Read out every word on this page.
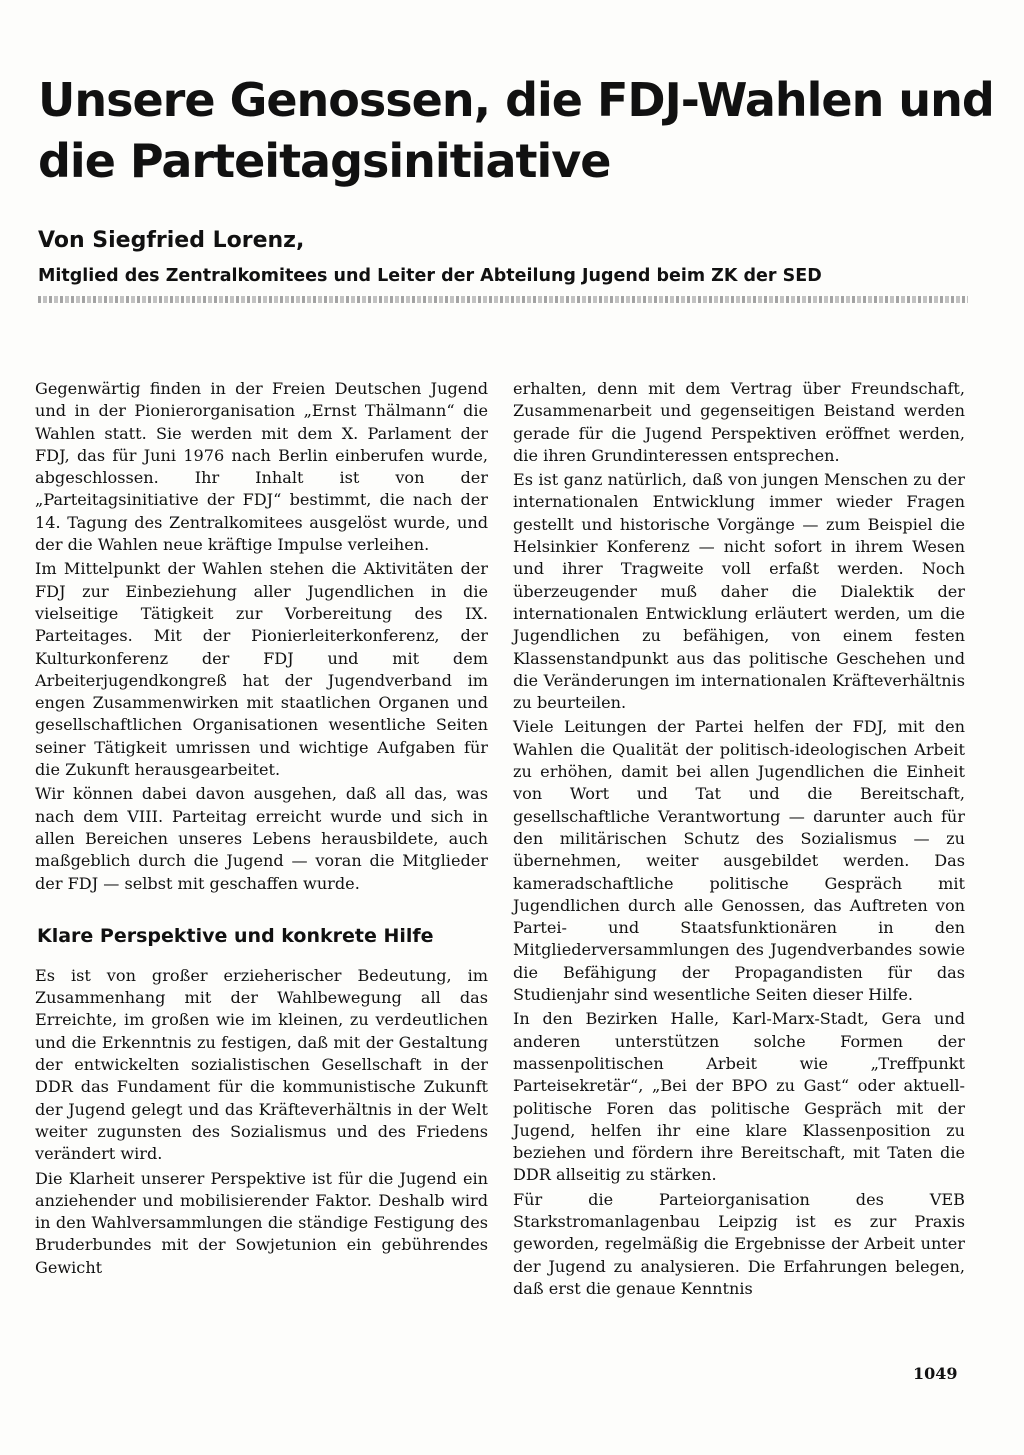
Unsere Genossen, die FDJ-Wahlen und die Parteitagsinitiative
Von Siegfried Lorenz,
Mitglied des Zentralkomitees und Leiter der Abteilung Jugend beim ZK der SED

Gegenwärtig finden in der Freien Deutschen Jugend und in der Pionierorganisation „Ernst Thälmann“ die Wahlen statt. Sie werden mit dem X. Parlament der FDJ, das für Juni 1976 nach Berlin einberufen wurde, abgeschlossen. Ihr Inhalt ist von der „Parteitagsinitiative der FDJ“ bestimmt, die nach der 14. Tagung des Zentralkomitees ausgelöst wurde, und der die Wahlen neue kräftige Impulse verleihen.

Im Mittelpunkt der Wahlen stehen die Aktivitäten der FDJ zur Einbeziehung aller Jugendlichen in die vielseitige Tätigkeit zur Vorbereitung des IX. Parteitages. Mit der Pionierleiterkonferenz, der Kulturkonferenz der FDJ und mit dem Arbeiterjugendkongreß hat der Jugendverband im engen Zusammenwirken mit staatlichen Organen und gesellschaftlichen Organisationen wesentliche Seiten seiner Tätigkeit umrissen und wichtige Aufgaben für die Zukunft herausgearbeitet.

Wir können dabei davon ausgehen, daß all das, was nach dem VIII. Parteitag erreicht wurde und sich in allen Bereichen unseres Lebens herausbildete, auch maßgeblich durch die Jugend — voran die Mitglieder der FDJ — selbst mit geschaffen wurde.

Klare Perspektive und konkrete Hilfe

Es ist von großer erzieherischer Bedeutung, im Zusammenhang mit der Wahlbewegung all das Erreichte, im großen wie im kleinen, zu verdeutlichen und die Erkenntnis zu festigen, daß mit der Gestaltung der entwickelten sozialistischen Gesellschaft in der DDR das Fundament für die kommunistische Zukunft der Jugend gelegt und das Kräfteverhältnis in der Welt weiter zugunsten des Sozialismus und des Friedens verändert wird.

Die Klarheit unserer Perspektive ist für die Jugend ein anziehender und mobilisierender Faktor. Deshalb wird in den Wahlversammlungen die ständige Festigung des Bruderbundes mit der Sowjetunion ein gebührendes Gewicht

erhalten, denn mit dem Vertrag über Freundschaft, Zusammenarbeit und gegenseitigen Beistand werden gerade für die Jugend Perspektiven eröffnet werden, die ihren Grundinteressen entsprechen.

Es ist ganz natürlich, daß von jungen Menschen zu der internationalen Entwicklung immer wieder Fragen gestellt und historische Vorgänge — zum Beispiel die Helsinkier Konferenz — nicht sofort in ihrem Wesen und ihrer Tragweite voll erfaßt werden. Noch überzeugender muß daher die Dialektik der internationalen Entwicklung erläutert werden, um die Jugendlichen zu befähigen, von einem festen Klassenstandpunkt aus das politische Geschehen und die Veränderungen im internationalen Kräfteverhältnis zu beurteilen.

Viele Leitungen der Partei helfen der FDJ, mit den Wahlen die Qualität der politisch-ideologischen Arbeit zu erhöhen, damit bei allen Jugendlichen die Einheit von Wort und Tat und die Bereitschaft, gesellschaftliche Verantwortung — darunter auch für den militärischen Schutz des Sozialismus — zu übernehmen, weiter ausgebildet werden. Das kameradschaftliche politische Gespräch mit Jugendlichen durch alle Genossen, das Auftreten von Partei- und Staatsfunktionären in den Mitgliederversammlungen des Jugendverbandes sowie die Befähigung der Propagandisten für das Studienjahr sind wesentliche Seiten dieser Hilfe.

In den Bezirken Halle, Karl-Marx-Stadt, Gera und anderen unterstützen solche Formen der massenpolitischen Arbeit wie „Treffpunkt Parteisekretär“, „Bei der BPO zu Gast“ oder aktuell-politische Foren das politische Gespräch mit der Jugend, helfen ihr eine klare Klassenposition zu beziehen und fördern ihre Bereitschaft, mit Taten die DDR allseitig zu stärken.

Für die Parteiorganisation des VEB Starkstromanlagenbau Leipzig ist es zur Praxis geworden, regelmäßig die Ergebnisse der Arbeit unter der Jugend zu analysieren. Die Erfahrungen belegen, daß erst die genaue Kenntnis

1049
